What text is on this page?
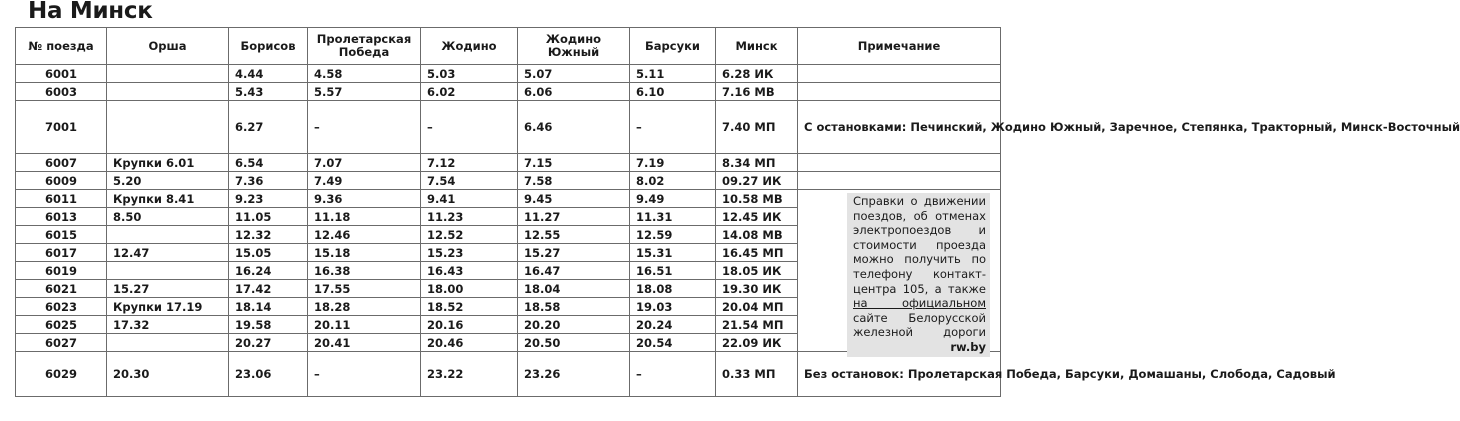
На Минск
№ поезда	Орша	Борисов	Пролетарская Победа	Жодино	Жодино Южный	Барсуки	Минск	Примечание
6001		4.44	4.58	5.03	5.07	5.11	6.28 ИК	
6003		5.43	5.57	6.02	6.06	6.10	7.16 МВ	
7001		6.27	–	–	6.46	–	7.40 МП	С остановками: Печинский, Жодино Южный, Заречное, Степянка, Тракторный, Минск-Восточный
6007	Крупки 6.01	6.54	7.07	7.12	7.15	7.19	8.34 МП	
6009	5.20	7.36	7.49	7.54	7.58	8.02	09.27 ИК	
6011	Крупки 8.41	9.23	9.36	9.41	9.45	9.49	10.58 МВ	Справки о движении поездов, об отменах электропоездов и стоимости проезда можно получить по телефону контакт-центра 105, а также на официальном сайте Белорусской железной дороги rw.by

6013	8.50	11.05	11.18	11.23	11.27	11.31	12.45 ИК	
6015		12.32	12.46	12.52	12.55	12.59	14.08 МВ	
6017	12.47	15.05	15.18	15.23	15.27	15.31	16.45 МП	
6019		16.24	16.38	16.43	16.47	16.51	18.05 ИК	
6021	15.27	17.42	17.55	18.00	18.04	18.08	19.30 ИК	
6023	Крупки 17.19	18.14	18.28	18.52	18.58	19.03	20.04 МП	
6025	17.32	19.58	20.11	20.16	20.20	20.24	21.54 МП	
6027		20.27	20.41	20.46	20.50	20.54	22.09 ИК	
6029	20.30	23.06	–	23.22	23.26	–	0.33 МП	Без остановок: Пролетарская Победа, Барсуки, Домашаны, Слобода, Садовый
